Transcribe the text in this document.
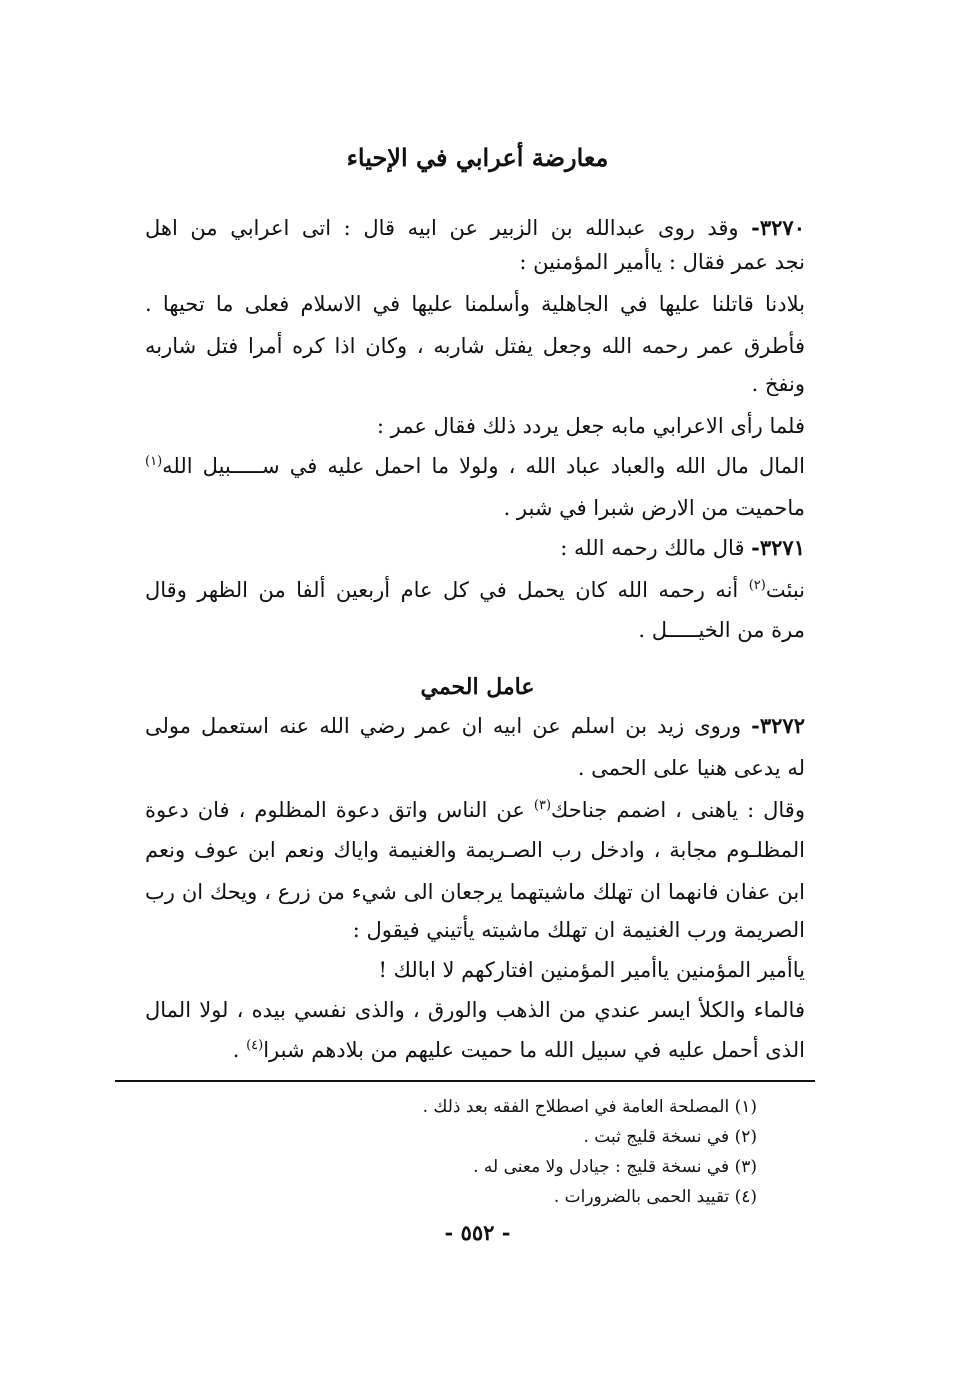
معارضة أعرابي في الإحياء
٣٢٧٠- وقد روى عبدالله بن الزبير عن ابيه قال : اتى اعرابي من اهل
نجد عمر فقال : ياأمير المؤمنين :
بلادنا قاتلنا عليها في الجاهلية وأسلمنا عليها في الاسلام فعلى ما تحيها .
فأطرق عمر رحمه الله وجعل يفتل شاربه ، وكان اذا كره أمرا فتل شاربه
ونفخ .
فلما رأى الاعرابي مابه جعل يردد ذلك فقال عمر :
المال مال الله والعباد عباد الله ، ولولا ما احمل عليه في ســـــبيل الله$^{(١)}$
ماحميت من الارض شبرا في شبر .
٣٢٧١- قال مالك رحمه الله :
نبئت$^{(٢)}$ أنه رحمه الله كان يحمل في كل عام أربعين ألفا من الظهر وقال
مرة من الخيـــــل .
عامل الحمي
٣٢٧٢- وروى زيد بن اسلم عن ابيه ان عمر رضي الله عنه استعمل مولى
له يدعى هنيا على الحمى .
وقال : ياهنى ، اضمم جناحك$^{(٣)}$ عن الناس واتق دعوة المظلوم ، فان دعوة
المظلـوم مجابة ، وادخل رب الصـريمة والغنيمة واياك ونعم ابن عوف ونعم
ابن عفان فانهما ان تهلك ماشيتهما يرجعان الى شيء من زرع ، ويحك ان رب
الصريمة ورب الغنيمة ان تهلك ماشيته يأتيني فيقول :
ياأمير المؤمنين ياأمير المؤمنين افتاركهم لا ابالك !
فالماء والكلأ ايسر عندي من الذهب والورق ، والذى نفسي بيده ، لولا المال
الذى أحمل عليه في سبيل الله ما حميت عليهم من بلادهم شبرا$^{(٤)}$ .
(١) المصلحة العامة في اصطلاح الفقه بعد ذلك .
(٢) في نسخة قليج ثبت .
(٣) في نسخة قليج : جيادل ولا معنى له .
(٤) تقييد الحمى بالضرورات .
- ٥٥٢ -
